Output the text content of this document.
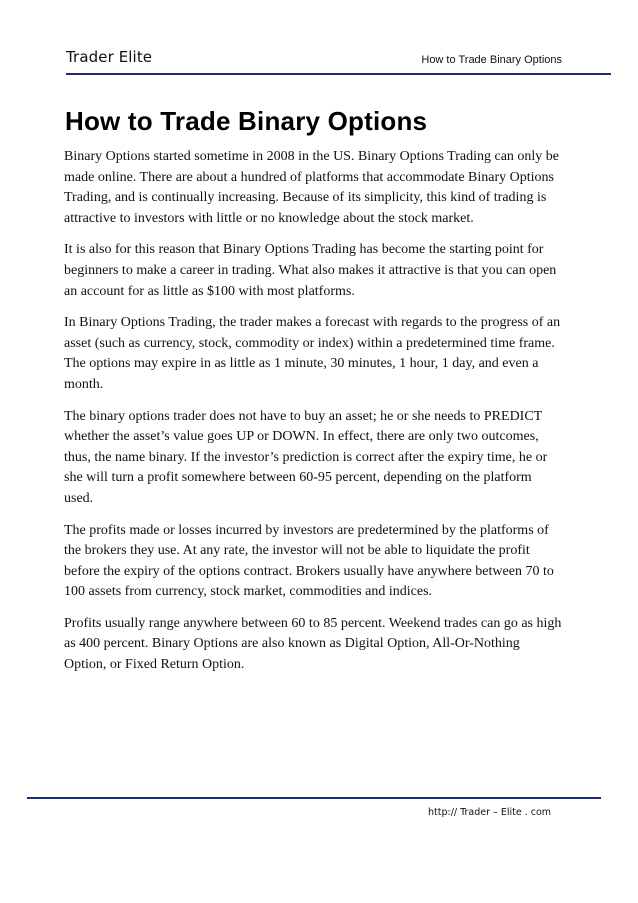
Trader Elite	How to Trade Binary Options
How to Trade Binary Options

Binary Options started sometime in 2008 in the US. Binary Options Trading can only be made online. There are about a hundred of platforms that accommodate Binary Options Trading, and is continually increasing. Because of its simplicity, this kind of trading is attractive to investors with little or no knowledge about the stock market.

It is also for this reason that Binary Options Trading has become the starting point for beginners to make a career in trading. What also makes it attractive is that you can open an account for as little as $100 with most platforms.

In Binary Options Trading, the trader makes a forecast with regards to the progress of an asset (such as currency, stock, commodity or index) within a predetermined time frame. The options may expire in as little as 1 minute, 30 minutes, 1 hour, 1 day, and even a month.

The binary options trader does not have to buy an asset; he or she needs to PREDICT whether the asset’s value goes UP or DOWN. In effect, there are only two outcomes, thus, the name binary. If the investor’s prediction is correct after the expiry time, he or she will turn a profit somewhere between 60-95 percent, depending on the platform used.

The profits made or losses incurred by investors are predetermined by the platforms of the brokers they use. At any rate, the investor will not be able to liquidate the profit before the expiry of the options contract. Brokers usually have anywhere between 70 to 100 assets from currency, stock market, commodities and indices.

Profits usually range anywhere between 60 to 85 percent. Weekend trades can go as high as 400 percent. Binary Options are also known as Digital Option, All-Or-Nothing Option, or Fixed Return Option.

http:// Trader – Elite . com
